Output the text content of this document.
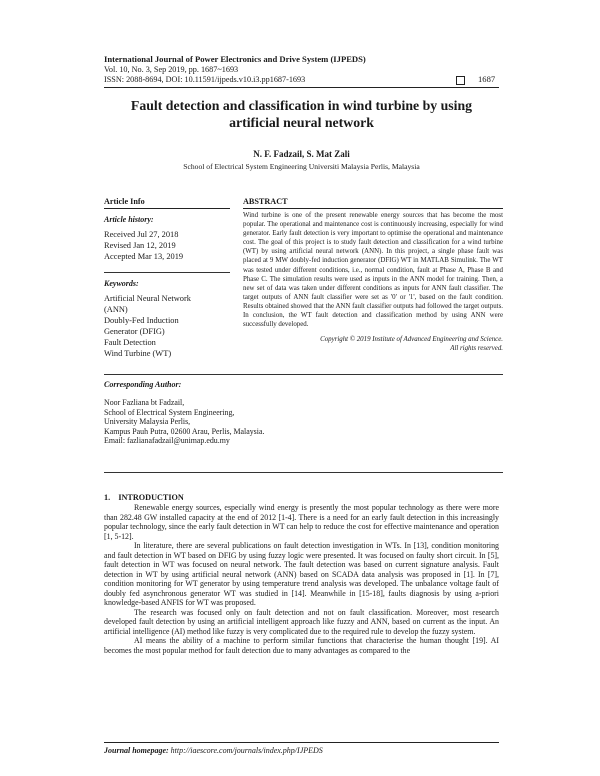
International Journal of Power Electronics and Drive System (IJPEDS)
Vol. 10, No. 3, Sep 2019, pp. 1687~1693
ISSN: 2088-8694, DOI: 10.11591/ijpeds.v10.i3.pp1687-1693	1687
Fault detection and classification in wind turbine by using artificial neural network
N. F. Fadzail, S. Mat Zali
School of Electrical System Engineering Universiti Malaysia Perlis, Malaysia
Article Info
Article history:
Received Jul 27, 2018
Revised Jan 12, 2019
Accepted Mar 13, 2019
Keywords:
Artificial Neural Network
(ANN)
Doubly-Fed Induction
Generator (DFIG)
Fault Detection
Wind Turbine (WT)
ABSTRACT
Wind turbine is one of the present renewable energy sources that has become the most popular. The operational and maintenance cost is continuously increasing, especially for wind generator. Early fault detection is very important to optimise the operational and maintenance cost. The goal of this project is to study fault detection and classification for a wind turbine (WT) by using artificial neural network (ANN). In this project, a single phase fault was placed at 9 MW doubly-fed induction generator (DFIG) WT in MATLAB Simulink. The WT was tested under different conditions, i.e., normal condition, fault at Phase A, Phase B and Phase C. The simulation results were used as inputs in the ANN model for training. Then, a new set of data was taken under different conditions as inputs for ANN fault classifier. The target outputs of ANN fault classifier were set as '0' or '1', based on the fault condition. Results obtained showed that the ANN fault classifier outputs had followed the target outputs. In conclusion, the WT fault detection and classification method by using ANN were successfully developed.
Copyright © 2019 Institute of Advanced Engineering and Science.
All rights reserved.
Corresponding Author:
Noor Fazliana bt Fadzail,
School of Electrical System Engineering,
University Malaysia Perlis,
Kampus Pauh Putra, 02600 Arau, Perlis, Malaysia.
Email: fazlianafadzail@unimap.edu.my
1.    INTRODUCTION

Renewable energy sources, especially wind energy is presently the most popular technology as there were more than 282.48 GW installed capacity at the end of 2012 [1-4]. There is a need for an early fault detection in this increasingly popular technology, since the early fault detection in WT can help to reduce the cost for effective maintenance and operation [1, 5-12].

In literature, there are several publications on fault detection investigation in WTs. In [13], condition monitoring and fault detection in WT based on DFIG by using fuzzy logic were presented. It was focused on faulty short circuit. In [5], fault detection in WT was focused on neural network. The fault detection was based on current signature analysis. Fault detection in WT by using artificial neural network (ANN) based on SCADA data analysis was proposed in [1]. In [7], condition monitoring for WT generator by using temperature trend analysis was developed. The unbalance voltage fault of doubly fed asynchronous generator WT was studied in [14]. Meanwhile in [15-18], faults diagnosis by using a-priori knowledge-based ANFIS for WT was proposed.

The research was focused only on fault detection and not on fault classification. Moreover, most research developed fault detection by using an artificial intelligent approach like fuzzy and ANN, based on current as the input. An artificial intelligence (AI) method like fuzzy is very complicated due to the required rule to develop the fuzzy system.

AI means the ability of a machine to perform similar functions that characterise the human thought [19]. AI becomes the most popular method for fault detection due to many advantages as compared to the

Journal homepage: http://iaescore.com/journals/index.php/IJPEDS
